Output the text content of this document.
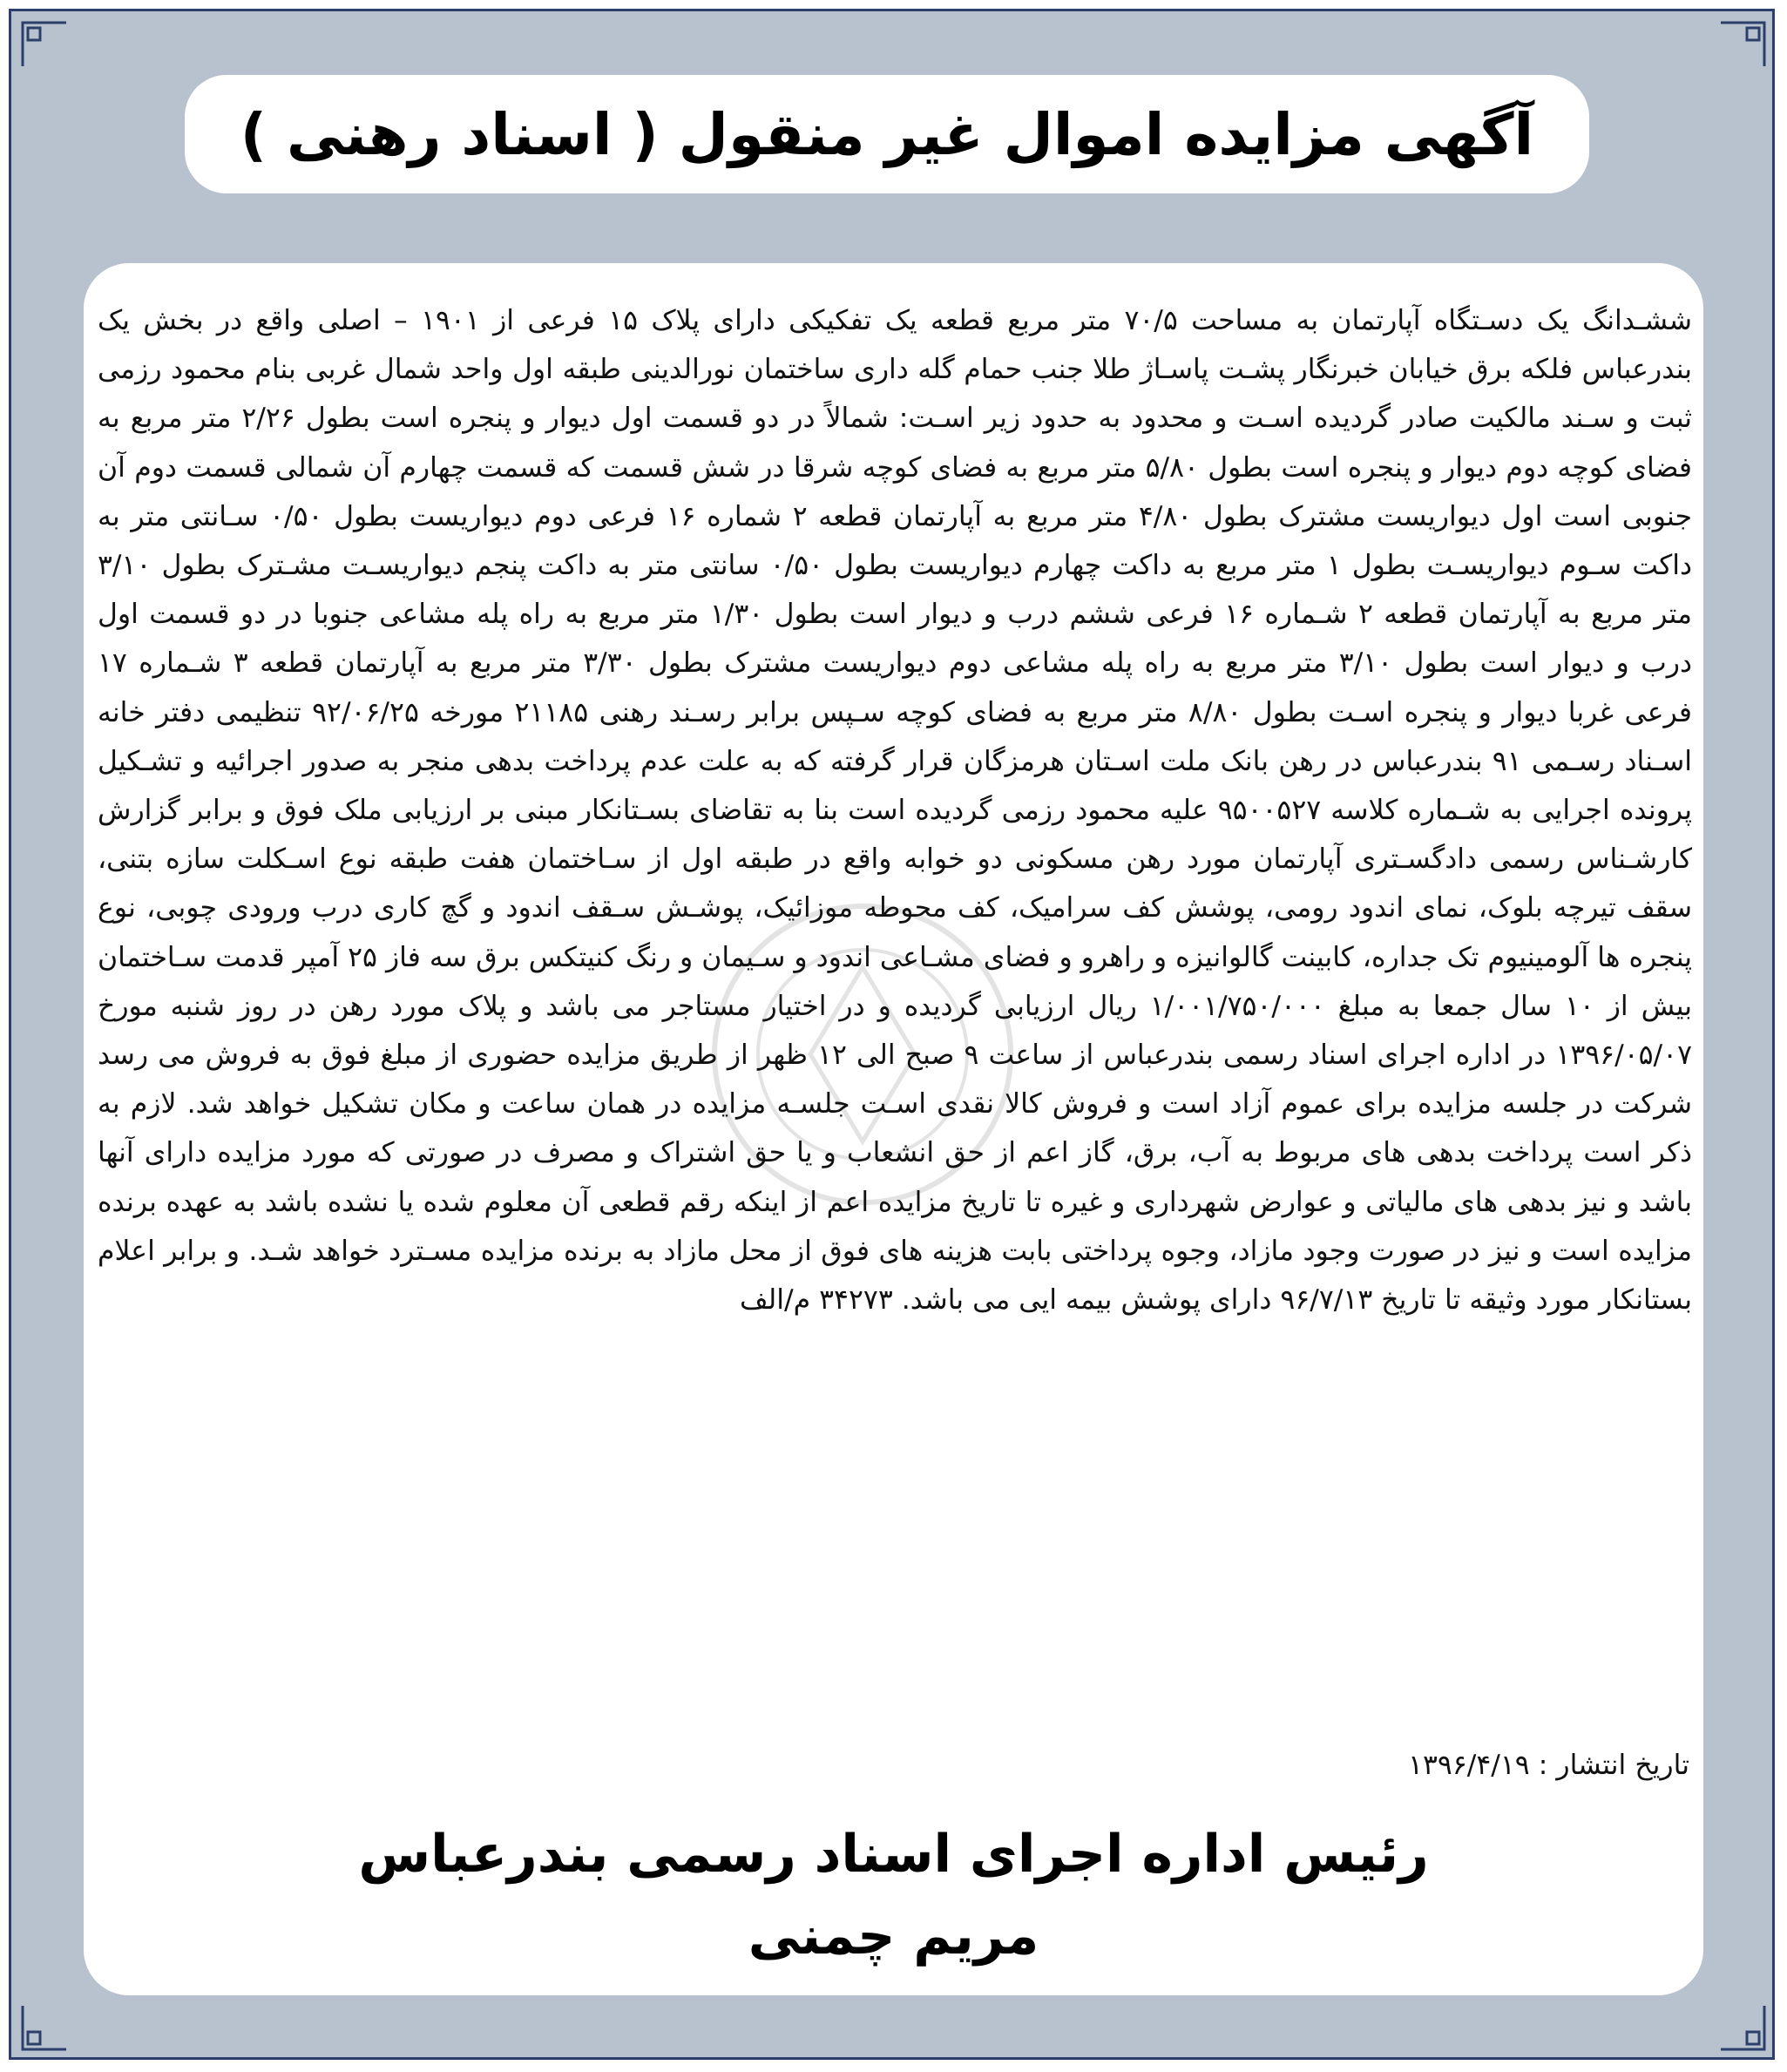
آگهی مزایده اموال غیر منقول ( اسناد رهنی )

ششـدانگ یک دسـتگاه آپارتمان به مساحت ۷۰/۵ متر مربع قطعه یک تفکیکی دارای پلاک ۱۵ فرعی از ۱۹۰۱ – اصلی واقع در بخش یک بندرعباس فلکه برق خیابان خبرنگار پشـت پاسـاژ طلا جنب حمام گله داری ساختمان نورالدینی طبقه اول واحد شمال غربی بنام محمود رزمی ثبت و سـند مالکیت صادر گردیده اسـت و محدود به حدود زیر اسـت: شمالاً در دو قسمت اول دیوار و پنجره است بطول ۲/۲۶ متر مربع به فضای کوچه دوم دیوار و پنجره است بطول ۵/۸۰ متر مربع به فضای کوچه شرقا در شش قسمت که قسمت چهارم آن شمالی قسمت دوم آن جنوبی است اول دیواریست مشترک بطول ۴/۸۰ متر مربع به آپارتمان قطعه ۲ شماره ۱۶ فرعی دوم دیواریست بطول ۰/۵۰ سـانتی متر به داکت سـوم دیواریسـت بطول ۱ متر مربع به داکت چهارم دیواریست بطول ۰/۵۰ سانتی متر به داکت پنجم دیواریسـت مشـترک بطول ۳/۱۰ متر مربع به آپارتمان قطعه ۲ شـماره ۱۶ فرعی ششم درب و دیوار است بطول ۱/۳۰ متر مربع به راه پله مشاعی جنوبا در دو قسمت اول درب و دیوار است بطول ۳/۱۰ متر مربع به راه پله مشاعی دوم دیواریست مشترک بطول ۳/۳۰ متر مربع به آپارتمان قطعه ۳ شـماره ۱۷ فرعی غربا دیوار و پنجره اسـت بطول ۸/۸۰ متر مربع به فضای کوچه سـپس برابر رسـند رهنی ۲۱۱۸۵ مورخه ۹۲/۰۶/۲۵ تنظیمی دفتر خانه اسـناد رسـمی ۹۱ بندرعباس در رهن بانک ملت اسـتان هرمزگان قرار گرفته که به علت عدم پرداخت بدهی منجر به صدور اجرائیه و تشـکیل پرونده اجرایی به شـماره کلاسه ۹۵۰۰۵۲۷ علیه محمود رزمی گردیده است بنا به تقاضای بسـتانکار مبنی بر ارزیابی ملک فوق و برابر گزارش کارشـناس رسمی دادگسـتری آپارتمان مورد رهن مسکونی دو خوابه واقع در طبقه اول از سـاختمان هفت طبقه نوع اسـکلت سازه بتنی، سقف تیرچه بلوک، نمای اندود رومی، پوشش کف سرامیک، کف محوطه موزائیک، پوشـش سـقف اندود و گچ کاری درب ورودی چوبی، نوع پنجره ها آلومینیوم تک جداره، کابینت گالوانیزه و راهرو و فضای مشـاعی اندود و سـیمان و رنگ کنیتکس برق سه فاز ۲۵ آمپر قدمت سـاختمان بیش از ۱۰ سال جمعا به مبلغ ۱/۰۰۱/۷۵۰/۰۰۰ ریال ارزیابی گردیده و در اختیار مستاجر می باشد و پلاک مورد رهن در روز شنبه مورخ ۱۳۹۶/۰۵/۰۷ در اداره اجرای اسناد رسمی بندرعباس از ساعت ۹ صبح الی ۱۲ ظهر از طریق مزایده حضوری از مبلغ فوق به فروش می رسد شرکت در جلسه مزایده برای عموم آزاد است و فروش کالا نقدی اسـت جلسـه مزایده در همان ساعت و مکان تشکیل خواهد شد. لازم به ذکر است پرداخت بدهی های مربوط به آب، برق، گاز اعم از حق انشعاب و یا حق اشتراک و مصرف در صورتی که مورد مزایده دارای آنها باشد و نیز بدهی های مالیاتی و عوارض شهرداری و غیره تا تاریخ مزایده اعم از اینکه رقم قطعی آن معلوم شده یا نشده باشد به عهده برنده مزایده است و نیز در صورت وجود مازاد، وجوه پرداختی بابت هزینه های فوق از محل مازاد به برنده مزایده مسـترد خواهد شـد. و برابر اعلام بستانکار مورد وثیقه تا تاریخ ۹۶/۷/۱۳ دارای پوشش بیمه ایی می باشد. ۳۴۲۷۳ م/الف

تاریخ انتشار : ۱۳۹۶/۴/۱۹
رئیس اداره اجرای اسناد رسمی بندرعباس
مریم چمنی
